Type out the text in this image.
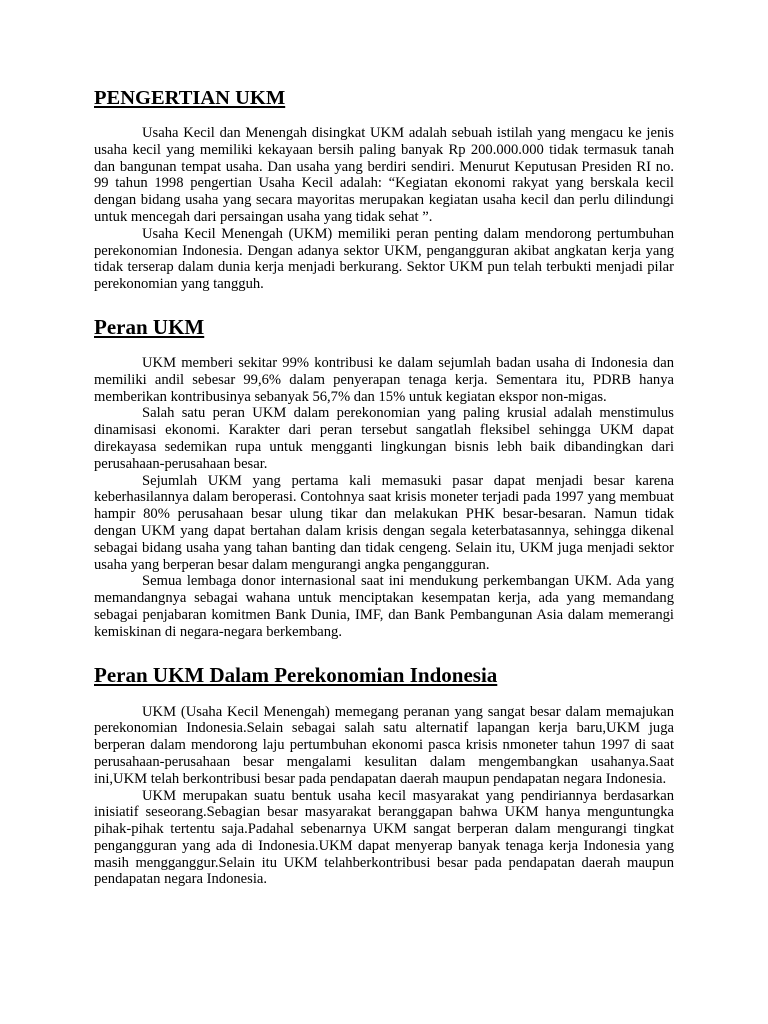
PENGERTIAN UKM

Usaha Kecil dan Menengah disingkat UKM adalah sebuah istilah yang mengacu ke jenis usaha kecil yang memiliki kekayaan bersih paling banyak Rp 200.000.000 tidak termasuk tanah dan bangunan tempat usaha. Dan usaha yang berdiri sendiri. Menurut Keputusan Presiden RI no. 99 tahun 1998 pengertian Usaha Kecil adalah: “Kegiatan ekonomi rakyat yang berskala kecil dengan bidang usaha yang secara mayoritas merupakan kegiatan usaha kecil dan perlu dilindungi untuk mencegah dari persaingan usaha yang tidak sehat ”.

Usaha Kecil Menengah (UKM) memiliki peran penting dalam mendorong pertumbuhan perekonomian Indonesia. Dengan adanya sektor UKM, pengangguran akibat angkatan kerja yang tidak terserap dalam dunia kerja menjadi berkurang. Sektor UKM pun telah terbukti menjadi pilar perekonomian yang tangguh.

Peran UKM

UKM memberi sekitar 99% kontribusi ke dalam sejumlah badan usaha di Indonesia dan memiliki andil sebesar 99,6% dalam penyerapan tenaga kerja. Sementara itu, PDRB hanya memberikan kontribusinya sebanyak 56,7% dan 15% untuk kegiatan ekspor non-migas.

Salah satu peran UKM dalam perekonomian yang paling krusial adalah menstimulus dinamisasi ekonomi. Karakter dari peran tersebut sangatlah fleksibel sehingga UKM dapat direkayasa sedemikan rupa untuk mengganti lingkungan bisnis lebh baik dibandingkan dari perusahaan-perusahaan besar.

Sejumlah UKM yang pertama kali memasuki pasar dapat menjadi besar karena keberhasilannya dalam beroperasi. Contohnya saat krisis moneter terjadi pada 1997 yang membuat hampir 80% perusahaan besar ulung tikar dan melakukan PHK besar-besaran. Namun tidak dengan UKM yang dapat bertahan dalam krisis dengan segala keterbatasannya, sehingga dikenal sebagai bidang usaha yang tahan banting dan tidak cengeng. Selain itu, UKM juga menjadi sektor usaha yang berperan besar dalam mengurangi angka pengangguran.

Semua lembaga donor internasional saat ini mendukung perkembangan UKM. Ada yang memandangnya sebagai wahana untuk menciptakan kesempatan kerja, ada yang memandang sebagai penjabaran komitmen Bank Dunia, IMF, dan Bank Pembangunan Asia dalam memerangi kemiskinan di negara-negara berkembang.

Peran UKM Dalam Perekonomian Indonesia

UKM (Usaha Kecil Menengah) memegang peranan yang sangat besar dalam memajukan perekonomian Indonesia.Selain sebagai salah satu alternatif lapangan kerja baru,UKM juga berperan dalam mendorong laju pertumbuhan ekonomi pasca krisis nmoneter tahun 1997 di saat perusahaan-perusahaan besar mengalami kesulitan dalam mengembangkan usahanya.Saat ini,UKM telah berkontribusi besar pada pendapatan daerah maupun pendapatan negara Indonesia.

UKM merupakan suatu bentuk usaha kecil masyarakat yang pendiriannya berdasarkan inisiatif seseorang.Sebagian besar masyarakat beranggapan bahwa UKM hanya menguntungka pihak-pihak tertentu saja.Padahal sebenarnya UKM sangat berperan dalam mengurangi tingkat pengangguran yang ada di Indonesia.UKM dapat menyerap banyak tenaga kerja Indonesia yang masih mengganggur.Selain itu UKM telahberkontribusi besar pada pendapatan daerah maupun pendapatan negara Indonesia.
